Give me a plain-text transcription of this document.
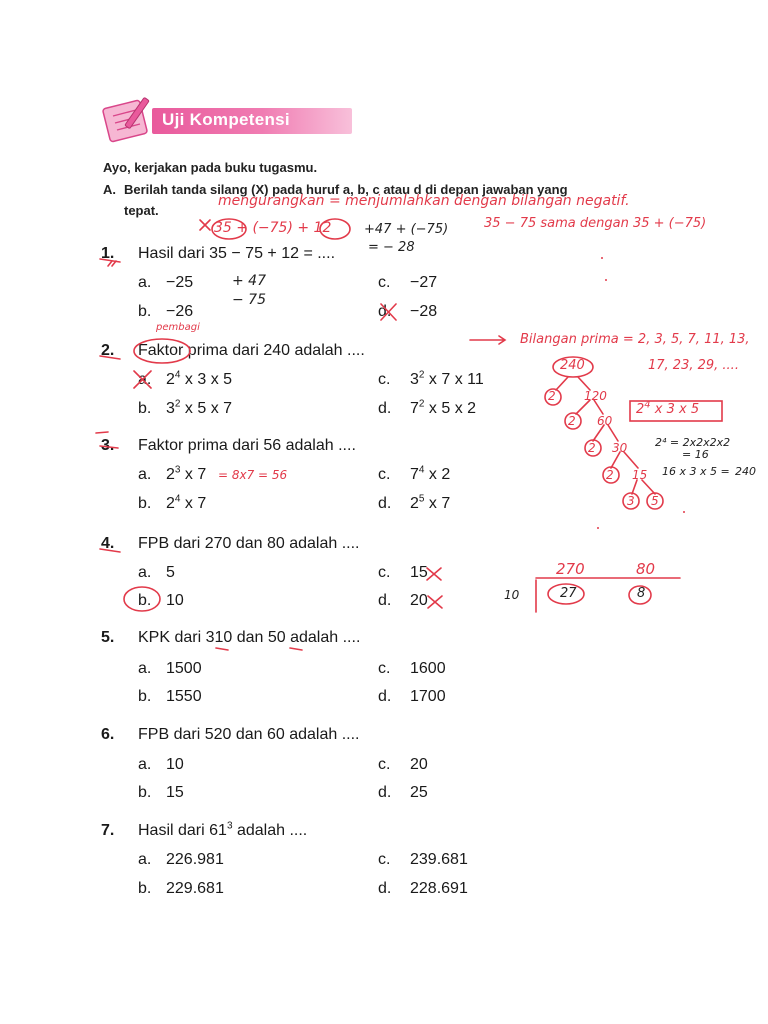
Uji Kompetensi
Ayo, kerjakan pada buku tugasmu.
A. Berilah tanda silang (X) pada huruf a, b, c atau d di depan jawaban yang
tepat.
1. Hasil dari 35 − 75 + 12 = ....
a. −25	c. −27
b. −26	d. −28
2. Faktor prima dari 240 adalah ....
a. $2^4$ x 3 x 5	c. $3^2$ x 7 x 11
b. $3^2$ x 5 x 7	d. $7^2$ x 5 x 2
3. Faktor prima dari 56 adalah ....
a. $2^3$ x 7	c. $7^4$ x 2
b. $2^4$ x 7	d. $2^5$ x 7
4. FPB dari 270 dan 80 adalah ....
a. 5	c. 15
b. 10	d. 20
5. KPK dari 310 dan 50 adalah ....
a. 1500	c. 1600
b. 1550	d. 1700
6. FPB dari 520 dan 60 adalah ....
a. 10	c. 20
b. 15	d. 25
7. Hasil dari $61^3$ adalah ....
a. 226.981	c. 239.681
b. 229.681	d. 228.691
mengurangkan = menjumlahkan dengan bilangan negatif.
35 + (−75) + 12	+47 + (−75)	35 − 75 sama dengan 35 + (−75)
= − 28
+ 47
− 75
pembagi
Bilangan prima = 2, 3, 5, 7, 11, 13,
17, 23, 29, ....
240
120
60
30
15
2
2
2
2
3 5
$2^4$ x 3 x 5
2⁴ = 2x2x2x2
= 16
16 x 3 x 5 = 240
= 8x7 = 56
270	80
10	27	8
